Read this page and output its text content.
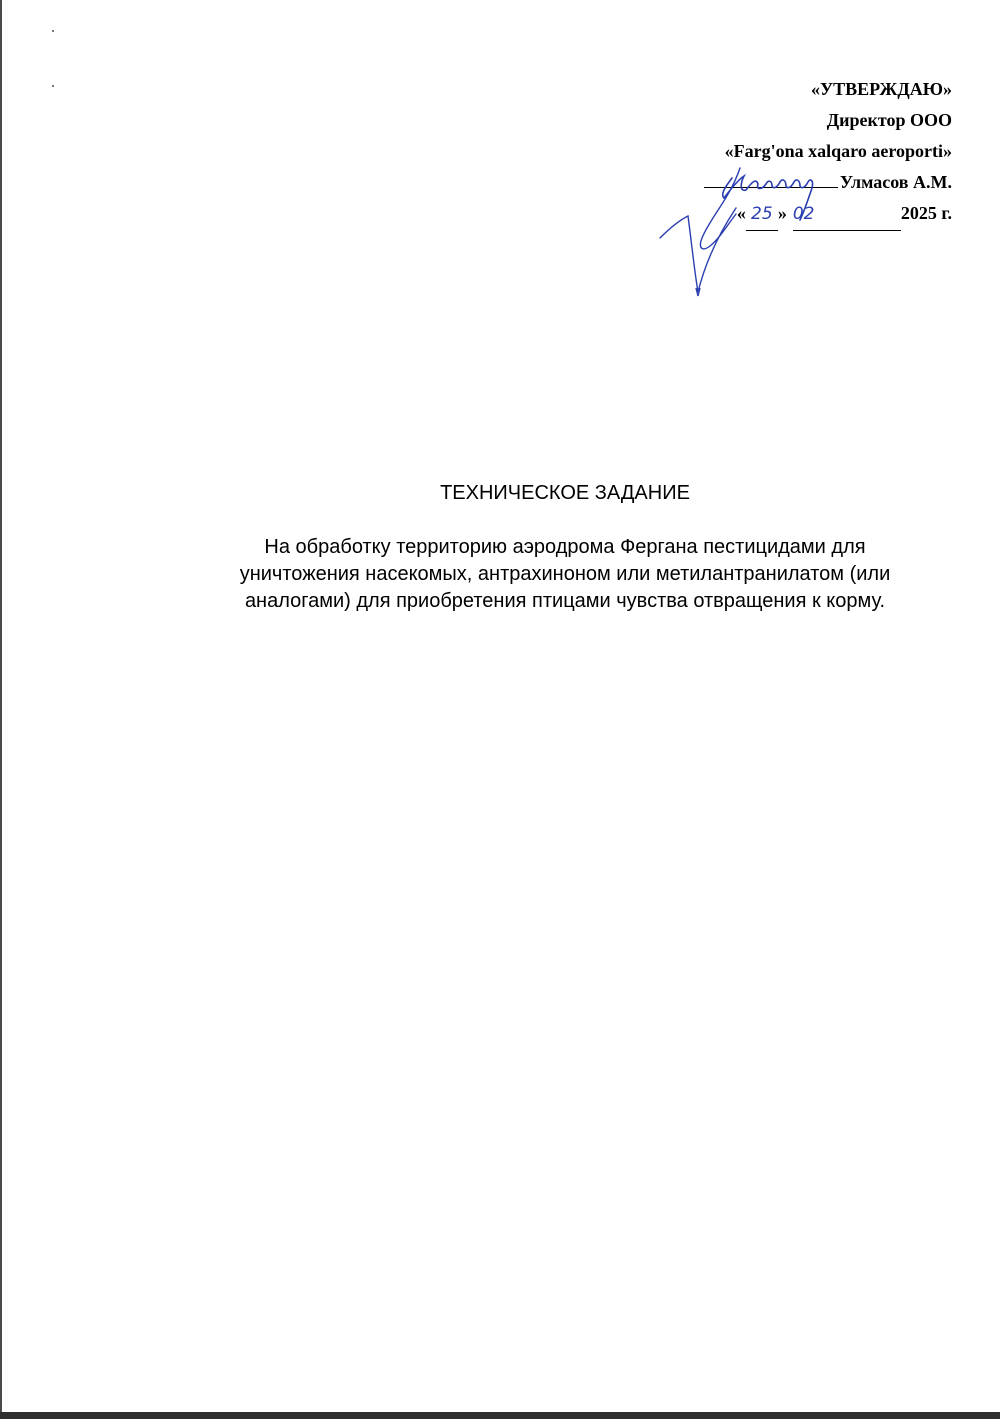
«УТВЕРЖДАЮ»
Директор ООО
«Farg'ona xalqaro aeroporti»
Улмасов А.М.
« 25 » 02	2025 г.
ТЕХНИЧЕСКОЕ ЗАДАНИЕ
На обработку территорию аэродрома Фергана пестицидами для
уничтожения насекомых, антрахиноном или метилантранилатом (или
аналогами) для приобретения птицами чувства отвращения к корму.
